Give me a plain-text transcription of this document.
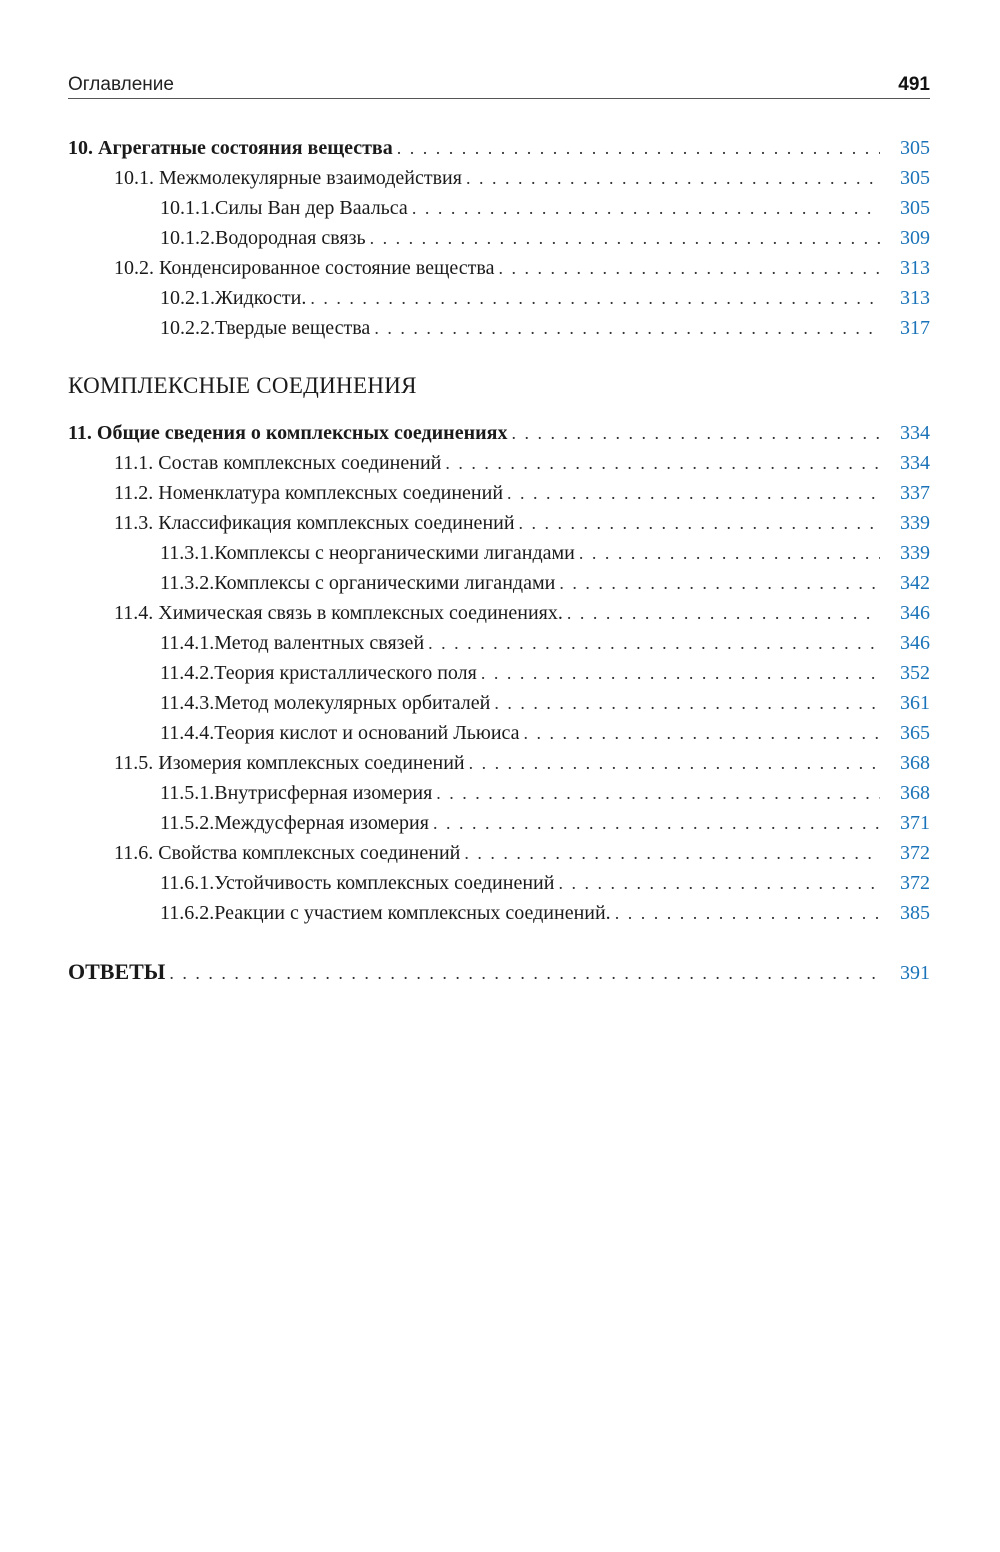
Оглавление	491
10. Агрегатные состояния вещества . . .	305
10.1. Межмолекулярные взаимодействия . . .	305
10.1.1.Силы Ван дер Ваальса . . .	305
10.1.2.Водородная связь . . .	309
10.2. Конденсированное состояние вещества . . .	313
10.2.1.Жидкости. . . .	313
10.2.2.Твердые вещества . . .	317
КОМПЛЕКСНЫЕ СОЕДИНЕНИЯ
11. Общие сведения о комплексных соединениях . . .	334
11.1. Состав комплексных соединений . . .	334
11.2. Номенклатура комплексных соединений . . .	337
11.3. Классификация комплексных соединений . . .	339
11.3.1.Комплексы с неорганическими лигандами . . .	339
11.3.2.Комплексы с органическими лигандами . . .	342
11.4. Химическая связь в комплексных соединениях. . . .	346
11.4.1.Метод валентных связей . . .	346
11.4.2.Теория кристаллического поля . . .	352
11.4.3.Метод молекулярных орбиталей . . .	361
11.4.4.Теория кислот и оснований Льюиса . . .	365
11.5. Изомерия комплексных соединений . . .	368
11.5.1.Внутрисферная изомерия . . .	368
11.5.2.Междусферная изомерия . . .	371
11.6. Свойства комплексных соединений . . .	372
11.6.1.Устойчивость комплексных соединений . . .	372
11.6.2.Реакции с участием комплексных соединений. . . .	385
ОТВЕТЫ . . .	391
